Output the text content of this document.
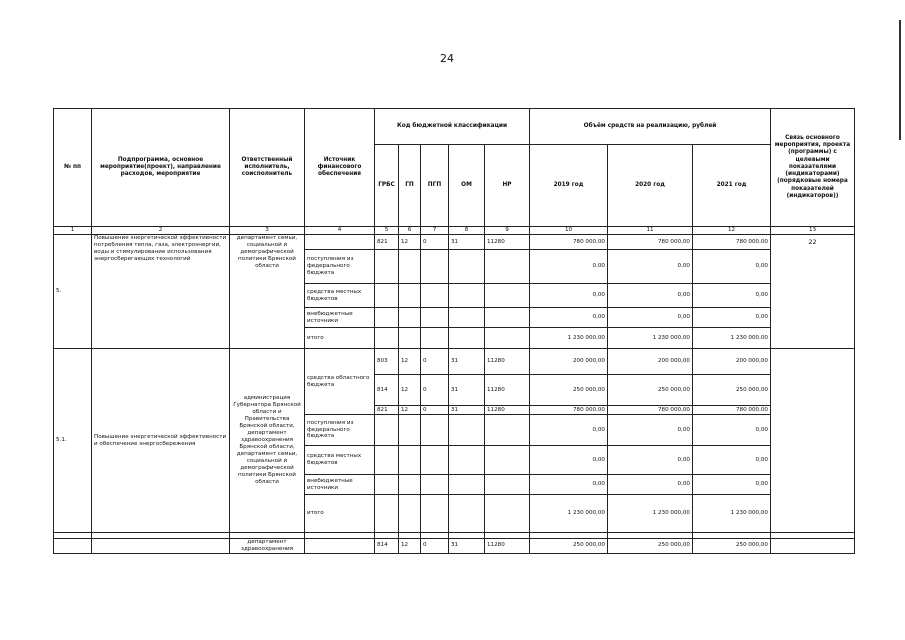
24
№ пп	Подпрограмма, основное мероприятие(проект), направление расходов, мероприятие	Ответственный исполнитель, соисполнитель	Источник финансового обеспечения	Код бюджетной классификации					Объём средств на реализацию, рублей			Связь основного мероприятия, проекта (программы) с целевыми показателями (индикаторами) (порядковые номера показателей (индикаторов))
				ГРБС	ГП	ПГП	ОМ	НР	2019 год	2020 год	2021 год	
1	2	3	4	5	6	7	8	9	10	11	12	13
5.	Повышение энергетической эффективности потребления тепла, газа, электроэнергии, воды и стимулирование использования энергосберегающих технологий	департамент семьи, социальной и демографической политики Брянской области		821	12	0	31	11280	780 000,00	780 000,00	780 000,00	22
			поступления из федерального бюджета						0,00	0,00	0,00	
			средства местных бюджетов						0,00	0,00	0,00	
			внебюджетные источники						0,00	0,00	0,00	
			итого						1 230 000,00	1 230 000,00	1 230 000,00	
5.1.	Повышение энергетической эффективности и обеспечение энергосбережения	администрация Губернатора Брянской области и Правительства Брянской области, департамент здравоохранения Брянской области, департамент семьи, социальной и демографической политики Брянской области	средства областного бюджета	803	12	0	31	11280	200 000,00	200 000,00	200 000,00	
				814	12	0	31	11280	250 000,00	250 000,00	250 000,00	
				821	12	0	31	11280	780 000,00	780 000,00	780 000,00	
			поступления из федерального бюджета						0,00	0,00	0,00	
			средства местных бюджетов						0,00	0,00	0,00	
			внебюджетные источники						0,00	0,00	0,00	
			итого						1 230 000,00	1 230 000,00	1 230 000,00	

		департамент здравоохранения		814	12	0	31	11280	250 000,00	250 000,00	250 000,00	
